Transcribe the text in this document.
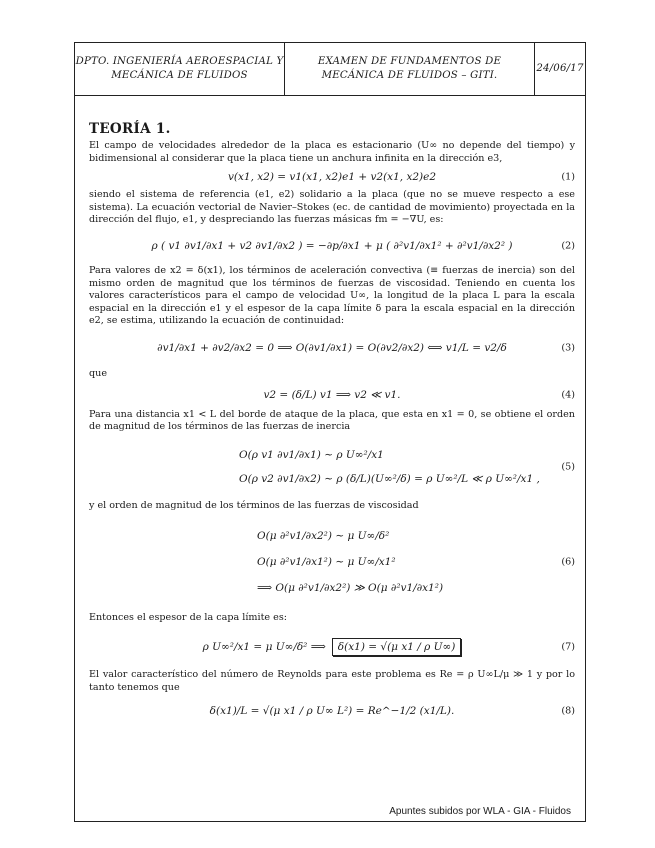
DPTO. INGENIERÍA AEROESPACIAL Y MECÁNICA DE FLUIDOS
EXAMEN DE FUNDAMENTOS DE MECÁNICA DE FLUIDOS – GITI.
24/06/17
TEORÍA 1.

El campo de velocidades alrededor de la placa es estacionario (U∞ no depende del tiempo) y bidimensional al considerar que la placa tiene un anchura infinita en la dirección e3,

v(x1, x2) = v1(x1, x2)e1 + v2(x1, x2)e2	(1)

siendo el sistema de referencia (e1, e2) solidario a la placa (que no se mueve respecto a ese sistema). La ecuación vectorial de Navier–Stokes (ec. de cantidad de movimiento) proyectada en la dirección del flujo, e1, y despreciando las fuerzas másicas fm = −∇U, es:

ρ ( v1 ∂v1/∂x1 + v2 ∂v1/∂x2 ) = −∂p/∂x1 + μ ( ∂²v1/∂x1² + ∂²v1/∂x2² )	(2)

Para valores de x2 = δ(x1), los términos de aceleración convectiva (≡ fuerzas de inercia) son del mismo orden de magnitud que los términos de fuerzas de viscosidad. Teniendo en cuenta los valores característicos para el campo de velocidad U∞, la longitud de la placa L para la escala espacial en la dirección e1 y el espesor de la capa límite δ para la escala espacial en la dirección e2, se estima, utilizando la ecuación de continuidad:

∂v1/∂x1 + ∂v2/∂x2 = 0 ⟹ O(∂v1/∂x1) = O(∂v2/∂x2) ⟺ v1/L = v2/δ	(3)

que

v2 = (δ/L) v1 ⟹ v2 ≪ v1.	(4)

Para una distancia x1 < L del borde de ataque de la placa, que esta en x1 = 0, se obtiene el orden de magnitud de los términos de las fuerzas de inercia

O(ρ v1 ∂v1/∂x1) ∼ ρ U∞²/x1
O(ρ v2 ∂v1/∂x2) ∼ ρ (δ/L)(U∞²/δ) = ρ U∞²/L ≪ ρ U∞²/x1 ,
(5)

y el orden de magnitud de los términos de las fuerzas de viscosidad

O(μ ∂²v1/∂x2²) ∼ μ U∞/δ²
O(μ ∂²v1/∂x1²) ∼ μ U∞/x1²
⟹ O(μ ∂²v1/∂x2²) ≫ O(μ ∂²v1/∂x1²)
(6)

Entonces el espesor de la capa límite es:

ρ U∞²/x1 = μ U∞/δ² ⟹	δ(x1) = √(μ x1 / ρ U∞)	(7)

El valor característico del número de Reynolds para este problema es Re = ρ U∞L/μ ≫ 1 y por lo tanto tenemos que

δ(x1)/L = √(μ x1 / ρ U∞ L²) = Re^−1/2 (x1/L).	(8)
Apuntes subidos por WLA - GIA - Fluidos
